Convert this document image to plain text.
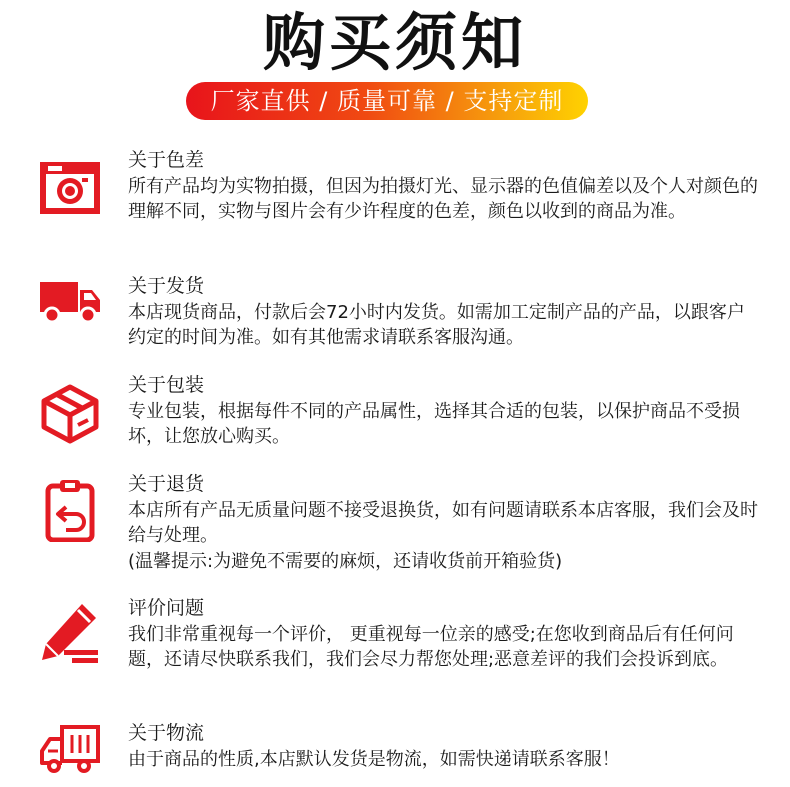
购买须知
厂家直供 / 质量可靠 / 支持定制
关于色差
所有产品均为实物拍摄，但因为拍摄灯光、显示器的色值偏差以及个人对颜色的理解不同，实物与图片会有少许程度的色差，颜色以收到的商品为准。
关于发货
本店现货商品，付款后会72小时内发货。如需加工定制产品的产品，以跟客户约定的时间为准。如有其他需求请联系客服沟通。
关于包装
专业包装，根据每件不同的产品属性，选择其合适的包装，以保护商品不受损坏，让您放心购买。
关于退货
本店所有产品无质量问题不接受退换货，如有问题请联系本店客服，我们会及时给与处理。
(温馨提示:为避免不需要的麻烦，还请收货前开箱验货)
评价问题
我们非常重视每一个评价， 更重视每一位亲的感受;在您收到商品后有任何问题，还请尽快联系我们，我们会尽力帮您处理;恶意差评的我们会投诉到底。
关于物流
由于商品的性质,本店默认发货是物流，如需快递请联系客服！
